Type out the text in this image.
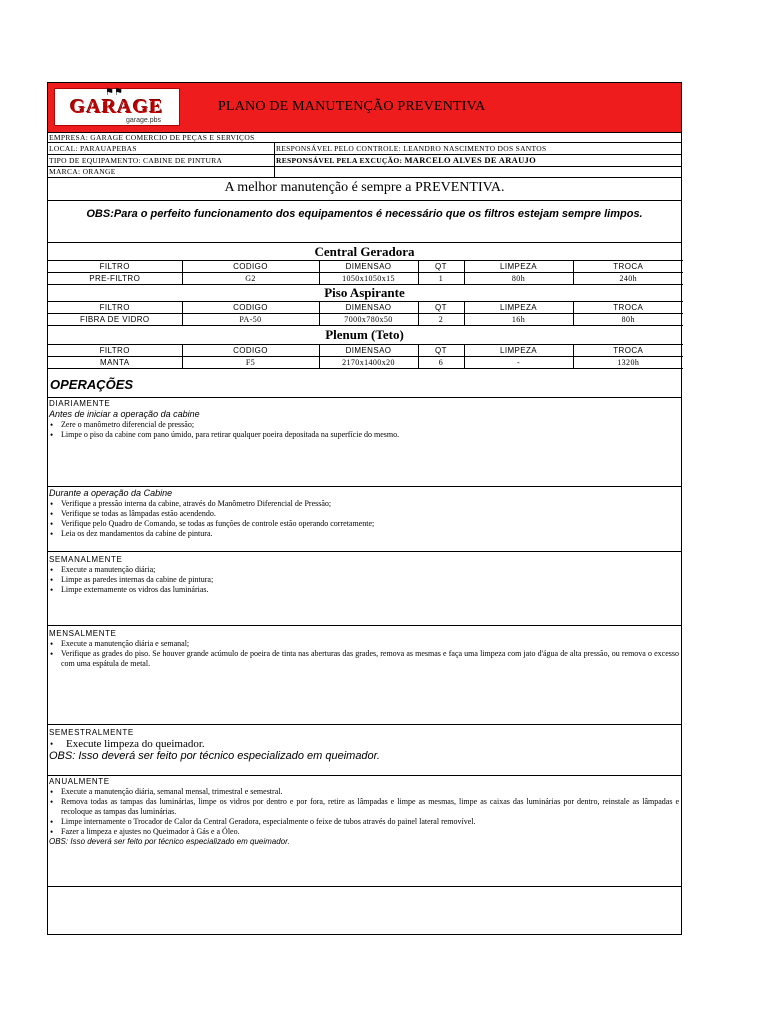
⚑⚑
GARAGE
garage.pbs
PLANO DE MANUTENÇÃO PREVENTIVA
EMPRESA: GARAGE COMERCIO DE PEÇAS E SERVIÇOS
LOCAL: PARAUAPEBAS	RESPONSÁVEL PELO CONTROLE: LEANDRO NASCIMENTO DOS SANTOS
TIPO DE EQUIPAMENTO: CABINE DE PINTURA	RESPONSÁVEL PELA EXCUÇÃO: MARCELO ALVES DE ARAUJO
MARCA: ORANGE
A melhor manutenção é sempre a PREVENTIVA.
OBS:Para o perfeito funcionamento dos equipamentos é necessário que os filtros estejam sempre limpos.
Central Geradora
FILTRO	CODIGO	DIMENSAO	QT	LIMPEZA	TROCA
PRE-FILTRO	G2	1050x1050x15	1	80h	240h
Piso Aspirante
FILTRO	CODIGO	DIMENSAO	QT	LIMPEZA	TROCA
FIBRA DE VIDRO	PA-50	7000x780x50	2	16h	80h
Plenum (Teto)
FILTRO	CODIGO	DIMENSAO	QT	LIMPEZA	TROCA
MANTA	F5	2170x1400x20	6	-	1320h
OPERAÇÕES
DIARIAMENTE
Antes de iniciar a operação da cabine
• Zere o manômetro diferencial de pressão;
• Limpe o piso da cabine com pano úmido, para retirar qualquer poeira depositada na superfície do mesmo.
Durante a operação da Cabine
• Verifique a pressão interna da cabine, através do Manômetro Diferencial de Pressão;
• Verifique se todas as lâmpadas estão acendendo.
• Verifique pelo Quadro de Comando, se todas as funções de controle estão operando corretamente;
• Leia os dez mandamentos da cabine de pintura.
SEMANALMENTE
• Execute a manutenção diária;
• Limpe as paredes internas da cabine de pintura;
• Limpe externamente os vidros das luminárias.
MENSALMENTE
• Execute a manutenção diária e semanal;
• Verifique as grades do piso. Se houver grande acúmulo de poeira de tinta nas aberturas das grades, remova as mesmas e faça uma limpeza com jato d'água de alta pressão, ou remova o excesso com uma espátula de metal.
SEMESTRALMENTE
• Execute limpeza do queimador.
OBS: Isso deverá ser feito por técnico especializado em queimador.
ANUALMENTE
• Execute a manutenção diária, semanal mensal, trimestral e semestral.
• Remova todas as tampas das luminárias, limpe os vidros por dentro e por fora, retire as lâmpadas e limpe as mesmas, limpe as caixas das luminárias por dentro, reinstale as lâmpadas e recoloque as tampas das luminárias.
• Limpe internamente o Trocador de Calor da Central Geradora, especialmente o feixe de tubos através do painel lateral removível.
• Fazer a limpeza e ajustes no Queimador à Gás e a Óleo.
OBS: Isso deverá ser feito por técnico especializado em queimador.
